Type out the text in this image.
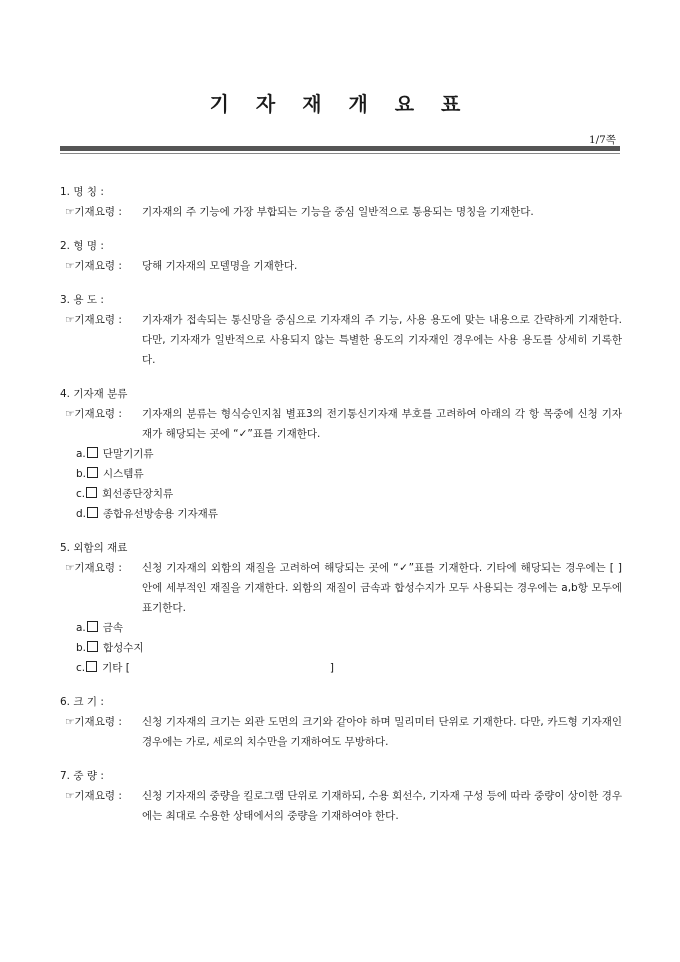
기 자 재 개 요 표
1/7쪽
1. 명 칭 :
☞기재요령 :	기자재의 주 기능에 가장 부합되는 기능을 중심 일반적으로 통용되는 명칭을 기재한다.
2. 형 명 :
☞기재요령 :	당해 기자재의 모델명을 기재한다.
3. 용 도 :
☞기재요령 :	기자재가 접속되는 통신망을 중심으로 기자재의 주 기능, 사용 용도에 맞는 내용으로 간략하게 기재한다. 다만, 기자재가 일반적으로 사용되지 않는 특별한 용도의 기자재인 경우에는 사용 용도를 상세히 기록한다.
4. 기자재 분류
☞기재요령 :	기자재의 분류는 형식승인지침 별표3의 전기통신기자재 부호를 고려하여 아래의 각 항 목중에 신청 기자재가 해당되는 곳에 “✓”표를 기재한다.
a. 단말기기류
b. 시스템류
c. 회선종단장치류
d. 종합유선방송용 기자재류
5. 외함의 재료
☞기재요령 :	신청 기자재의 외함의 재질을 고려하여 해당되는 곳에 “✓”표를 기재한다. 기타에 해당되는 경우에는 [ ]안에 세부적인 재질을 기재한다. 외함의 재질이 금속과 합성수지가 모두 사용되는 경우에는 a,b항 모두에 표기한다.
a. 금속
b. 합성수지
c. 기타 [	]
6. 크 기 :
☞기재요령 :	신청 기자재의 크기는 외관 도면의 크기와 같아야 하며 밀리미터 단위로 기재한다. 다만, 카드형 기자재인 경우에는 가로, 세로의 치수만을 기재하여도 무방하다.
7. 중 량 :
☞기재요령 :	신청 기자재의 중량을 킬로그램 단위로 기재하되, 수용 회선수, 기자재 구성 등에 따라 중량이 상이한 경우에는 최대로 수용한 상태에서의 중량을 기재하여야 한다.
